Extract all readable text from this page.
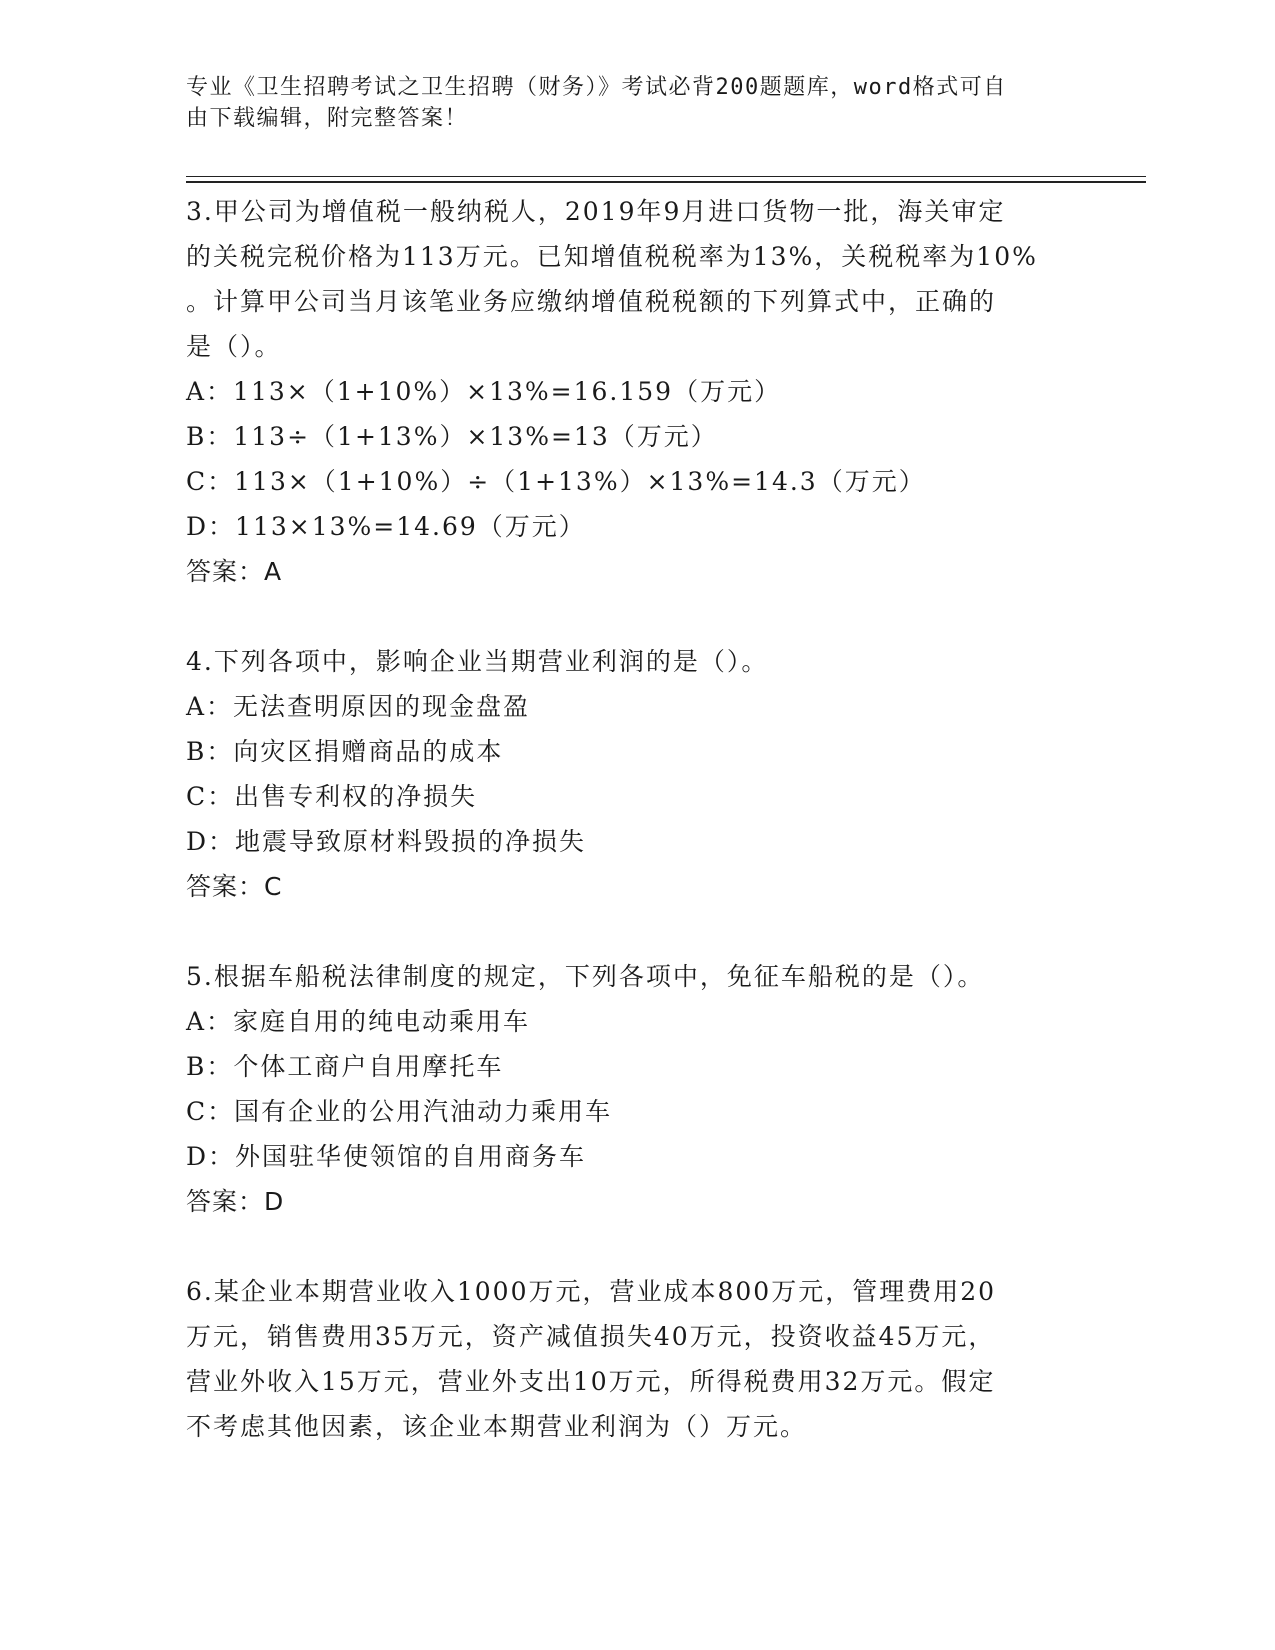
专业《卫生招聘考试之卫生招聘（财务）》考试必背200题题库，word格式可自
由下载编辑，附完整答案！
3.甲公司为增值税一般纳税人，2019年9月进口货物一批，海关审定
的关税完税价格为113万元。已知增值税税率为13%，关税税率为10%
。计算甲公司当月该笔业务应缴纳增值税税额的下列算式中，正确的
是（）。
A：113×（1+10%）×13%=16.159（万元）
B：113÷（1+13%）×13%=13（万元）
C：113×（1+10%）÷（1+13%）×13%=14.3（万元）
D：113×13%=14.69（万元）
答案：A
4.下列各项中，影响企业当期营业利润的是（）。
A：无法查明原因的现金盘盈
B：向灾区捐赠商品的成本
C：出售专利权的净损失
D：地震导致原材料毁损的净损失
答案：C
5.根据车船税法律制度的规定，下列各项中，免征车船税的是（）。
A：家庭自用的纯电动乘用车
B：个体工商户自用摩托车
C：国有企业的公用汽油动力乘用车
D：外国驻华使领馆的自用商务车
答案：D
6.某企业本期营业收入1000万元，营业成本800万元，管理费用20
万元，销售费用35万元，资产减值损失40万元，投资收益45万元，
营业外收入15万元，营业外支出10万元，所得税费用32万元。假定
不考虑其他因素，该企业本期营业利润为（）万元。
